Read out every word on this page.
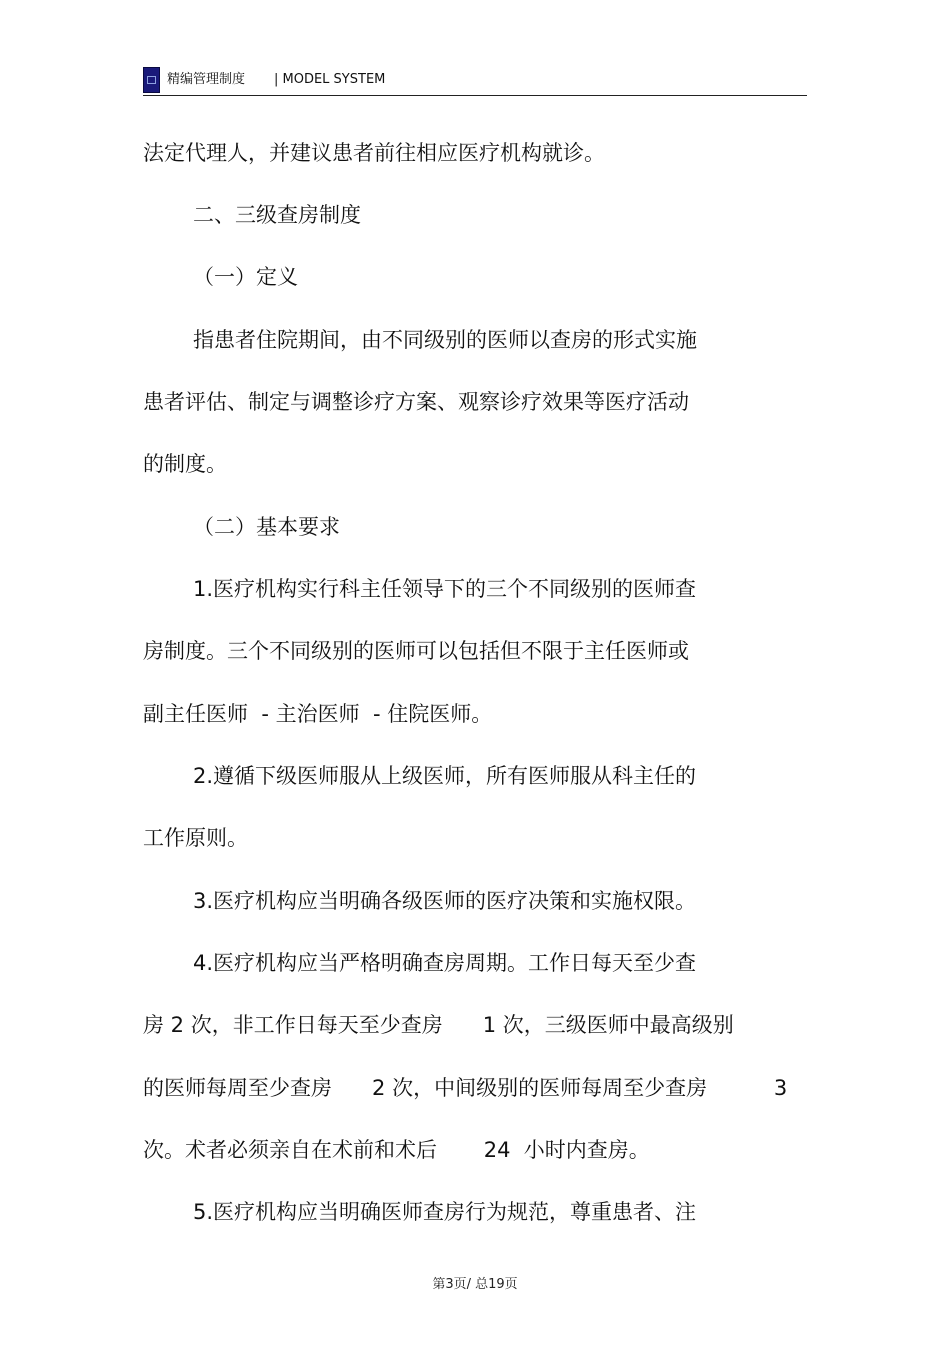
精编管理制度 | MODEL SYSTEM
法定代理人，并建议患者前往相应医疗机构就诊。
二、三级查房制度
（一）定义
指患者住院期间，由不同级别的医师以查房的形式实施
患者评估、制定与调整诊疗方案、观察诊疗效果等医疗活动
的制度。
（二）基本要求
1.医疗机构实行科主任领导下的三个不同级别的医师查
房制度。三个不同级别的医师可以包括但不限于主任医师或
副主任医师  - 主治医师  - 住院医师。
2.遵循下级医师服从上级医师，所有医师服从科主任的
工作原则。
3.医疗机构应当明确各级医师的医疗决策和实施权限。
4.医疗机构应当严格明确查房周期。工作日每天至少查
房 2 次，非工作日每天至少查房      1 次，三级医师中最高级别
的医师每周至少查房      2 次，中间级别的医师每周至少查房          3
次。术者必须亲自在术前和术后       24  小时内查房。
5.医疗机构应当明确医师查房行为规范，尊重患者、注
第3页/ 总19页
